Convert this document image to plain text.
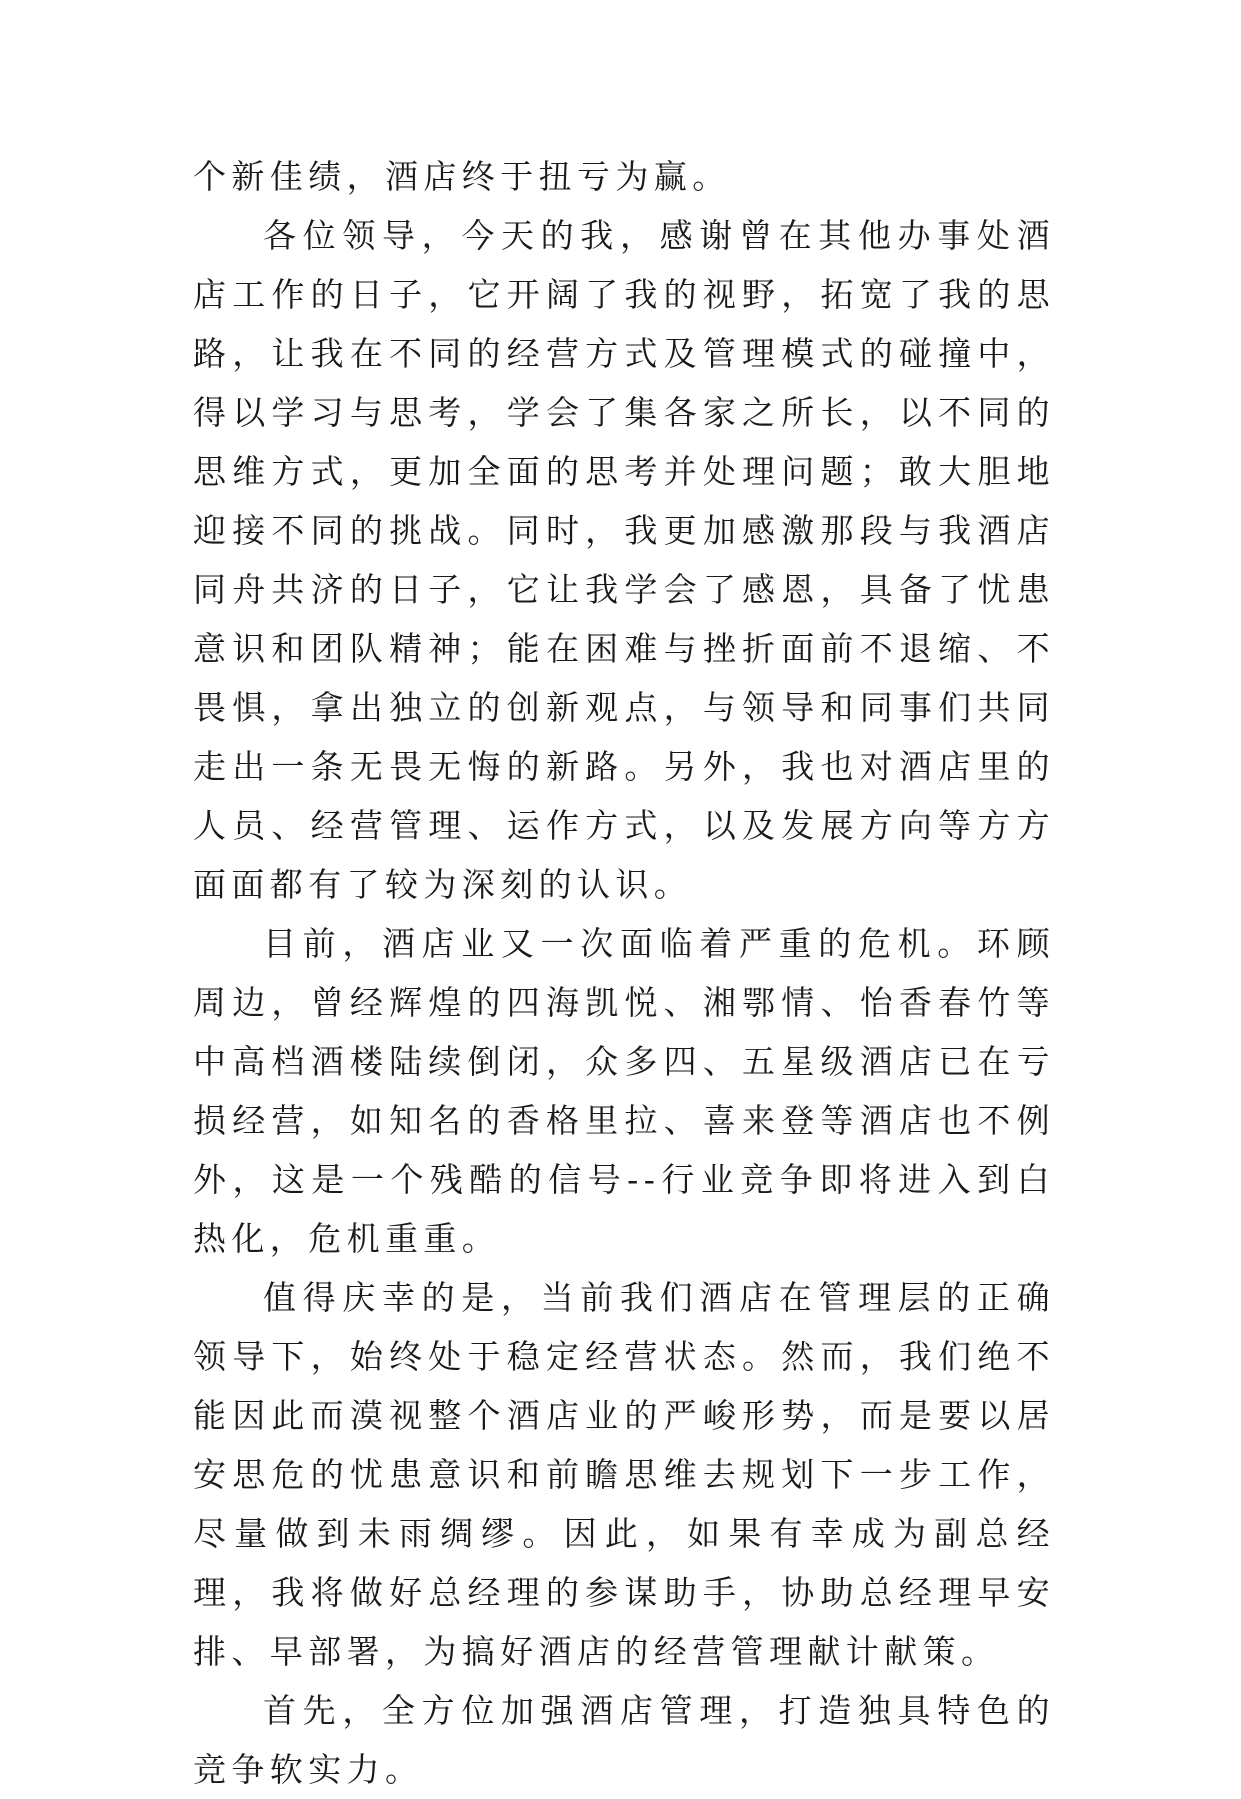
个新佳绩，酒店终于扭亏为赢。

各位领导，今天的我，感谢曾在其他办事处酒店工作的日子，它开阔了我的视野，拓宽了我的思路，让我在不同的经营方式及管理模式的碰撞中，得以学习与思考，学会了集各家之所长，以不同的思维方式，更加全面的思考并处理问题；敢大胆地迎接不同的挑战。同时，我更加感激那段与我酒店同舟共济的日子，它让我学会了感恩，具备了忧患意识和团队精神；能在困难与挫折面前不退缩、不畏惧，拿出独立的创新观点，与领导和同事们共同走出一条无畏无悔的新路。另外，我也对酒店里的人员、经营管理、运作方式，以及发展方向等方方面面都有了较为深刻的认识。

目前，酒店业又一次面临着严重的危机。环顾周边，曾经辉煌的四海凯悦、湘鄂情、怡香春竹等中高档酒楼陆续倒闭，众多四、五星级酒店已在亏损经营，如知名的香格里拉、喜来登等酒店也不例外，这是一个残酷的信号--行业竞争即将进入到白热化，危机重重。

值得庆幸的是，当前我们酒店在管理层的正确领导下，始终处于稳定经营状态。然而，我们绝不能因此而漠视整个酒店业的严峻形势，而是要以居安思危的忧患意识和前瞻思维去规划下一步工作，尽量做到未雨绸缪。因此，如果有幸成为副总经理，我将做好总经理的参谋助手，协助总经理早安排、早部署，为搞好酒店的经营管理献计献策。

首先，全方位加强酒店管理，打造独具特色的竞争软实力。
